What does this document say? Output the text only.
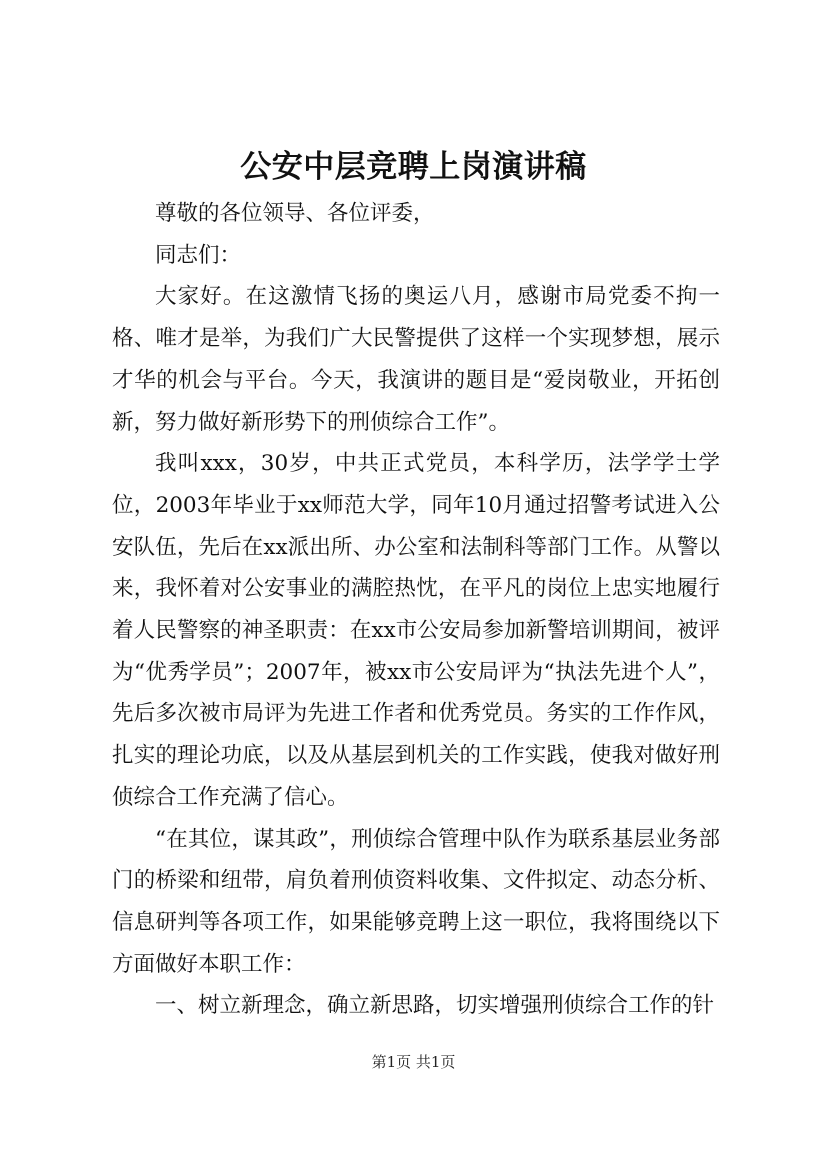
公安中层竞聘上岗演讲稿

尊敬的各位领导、各位评委，

同志们：

大家好。在这激情飞扬的奥运八月，感谢市局党委不拘一格、唯才是举，为我们广大民警提供了这样一个实现梦想，展示才华的机会与平台。今天，我演讲的题目是“爱岗敬业，开拓创新，努力做好新形势下的刑侦综合工作”。

我叫xxx，30岁，中共正式党员，本科学历，法学学士学位，2003年毕业于xx师范大学，同年10月通过招警考试进入公安队伍，先后在xx派出所、办公室和法制科等部门工作。从警以来，我怀着对公安事业的满腔热忱，在平凡的岗位上忠实地履行着人民警察的神圣职责：在xx市公安局参加新警培训期间，被评为“优秀学员”；2007年，被xx市公安局评为“执法先进个人”，先后多次被市局评为先进工作者和优秀党员。务实的工作作风，扎实的理论功底，以及从基层到机关的工作实践，使我对做好刑侦综合工作充满了信心。

“在其位，谋其政”，刑侦综合管理中队作为联系基层业务部门的桥梁和纽带，肩负着刑侦资料收集、文件拟定、动态分析、信息研判等各项工作，如果能够竞聘上这一职位，我将围绕以下方面做好本职工作：

一、树立新理念，确立新思路，切实增强刑侦综合工作的针

第1页 共1页
